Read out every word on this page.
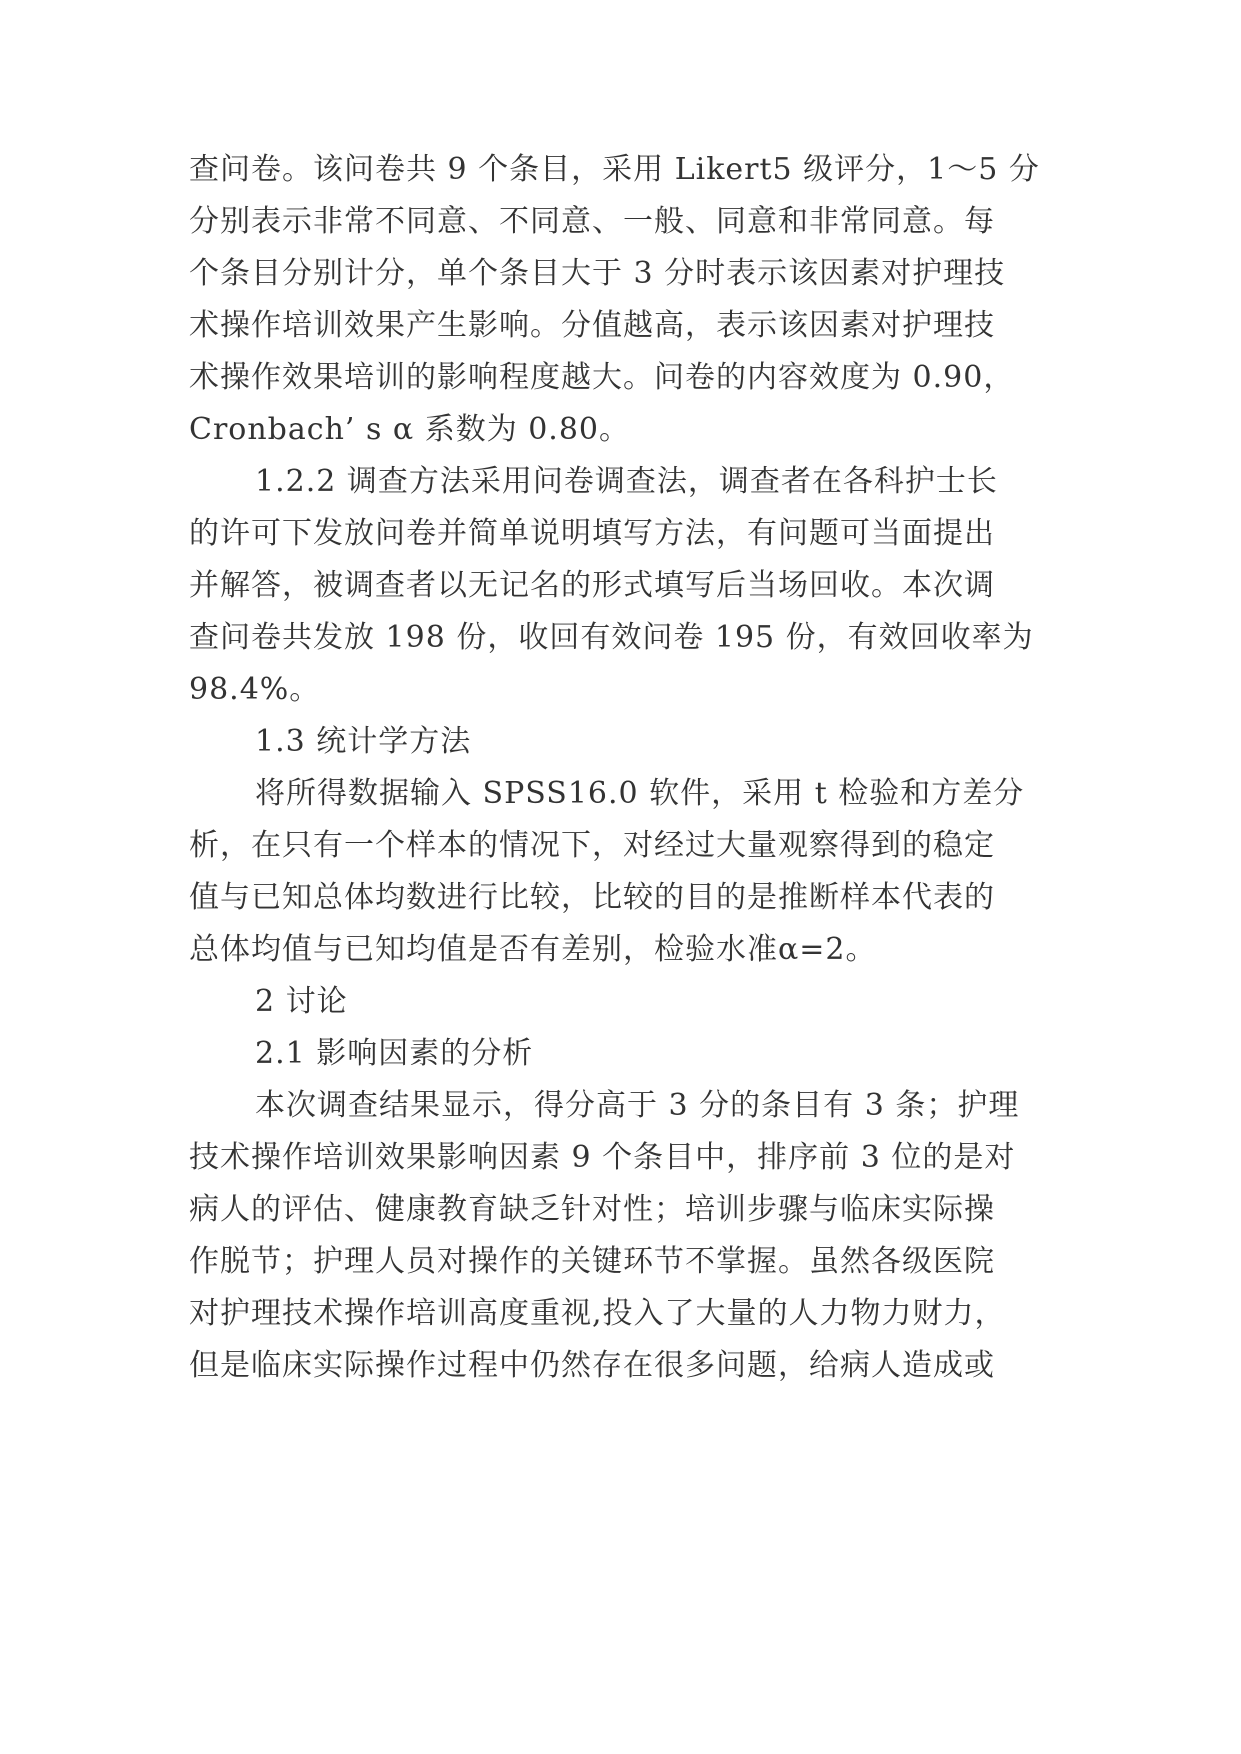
查问卷。该问卷共 9 个条目，采用 Likert5 级评分，1～5 分
分别表示非常不同意、不同意、一般、同意和非常同意。每
个条目分别计分，单个条目大于 3 分时表示该因素对护理技
术操作培训效果产生影响。分值越高，表示该因素对护理技
术操作效果培训的影响程度越大。问卷的内容效度为 0.90，
Cronbach’ s α 系数为 0.80。
1.2.2 调查方法采用问卷调查法，调查者在各科护士长
的许可下发放问卷并简单说明填写方法，有问题可当面提出
并解答，被调查者以无记名的形式填写后当场回收。本次调
查问卷共发放 198 份，收回有效问卷 195 份，有效回收率为
98.4%。
1.3 统计学方法
将所得数据输入 SPSS16.0 软件，采用 t 检验和方差分
析，在只有一个样本的情况下，对经过大量观察得到的稳定
值与已知总体均数进行比较，比较的目的是推断样本代表的
总体均值与已知均值是否有差别，检验水准α=2。
2 讨论
2.1 影响因素的分析
本次调查结果显示，得分高于 3 分的条目有 3 条；护理
技术操作培训效果影响因素 9 个条目中，排序前 3 位的是对
病人的评估、健康教育缺乏针对性；培训步骤与临床实际操
作脱节；护理人员对操作的关键环节不掌握。虽然各级医院
对护理技术操作培训高度重视,投入了大量的人力物力财力，
但是临床实际操作过程中仍然存在很多问题，给病人造成或
